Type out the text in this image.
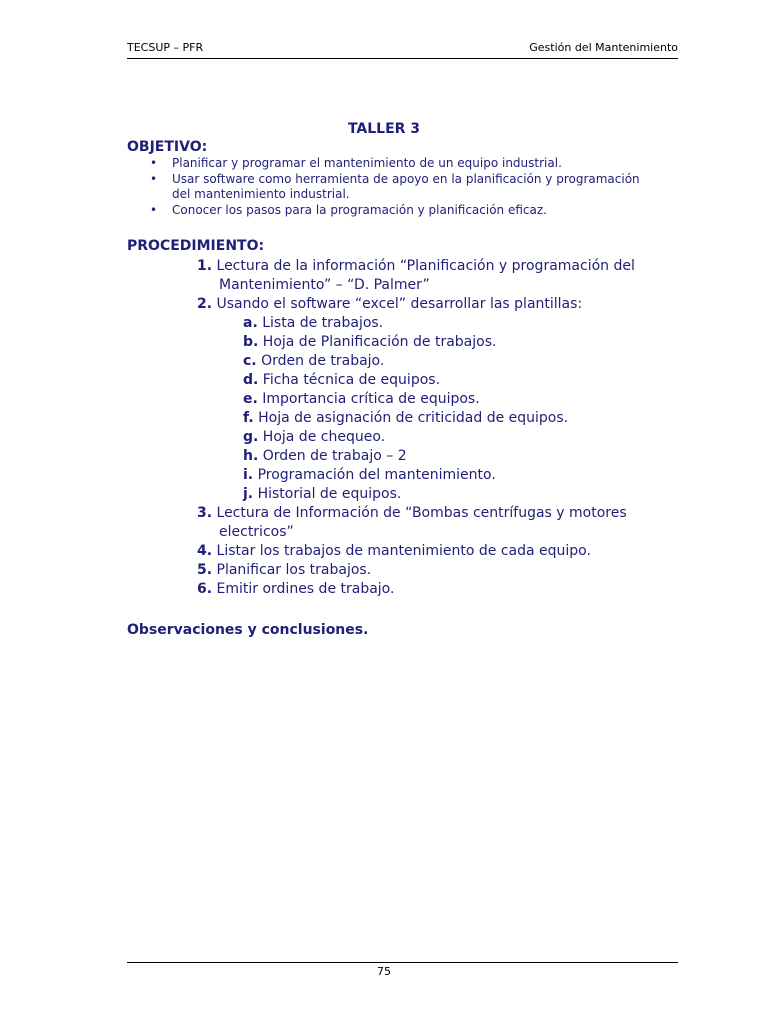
TECSUP – PFR	Gestión del Mantenimiento
TALLER 3
OBJETIVO:
• Planificar y programar el mantenimiento de un equipo industrial.
• Usar software como herramienta de apoyo en la planificación y programación del mantenimiento industrial.
• Conocer los pasos para la programación y planificación eficaz.
PROCEDIMIENTO:
1. Lectura de la información “Planificación y programación del
Mantenimiento” – “D. Palmer”
2. Usando el software “excel” desarrollar las plantillas:
a. Lista de trabajos.
b. Hoja de Planificación de trabajos.
c. Orden de trabajo.
d. Ficha técnica de equipos.
e. Importancia crítica de equipos.
f. Hoja de asignación de criticidad de equipos.
g. Hoja de chequeo.
h. Orden de trabajo – 2
i. Programación del mantenimiento.
j. Historial de equipos.
3. Lectura de Información de “Bombas centrífugas y motores
electricos”
4. Listar los trabajos de mantenimiento de cada equipo.
5. Planificar los trabajos.
6. Emitir ordines de trabajo.
Observaciones y conclusiones.
75
